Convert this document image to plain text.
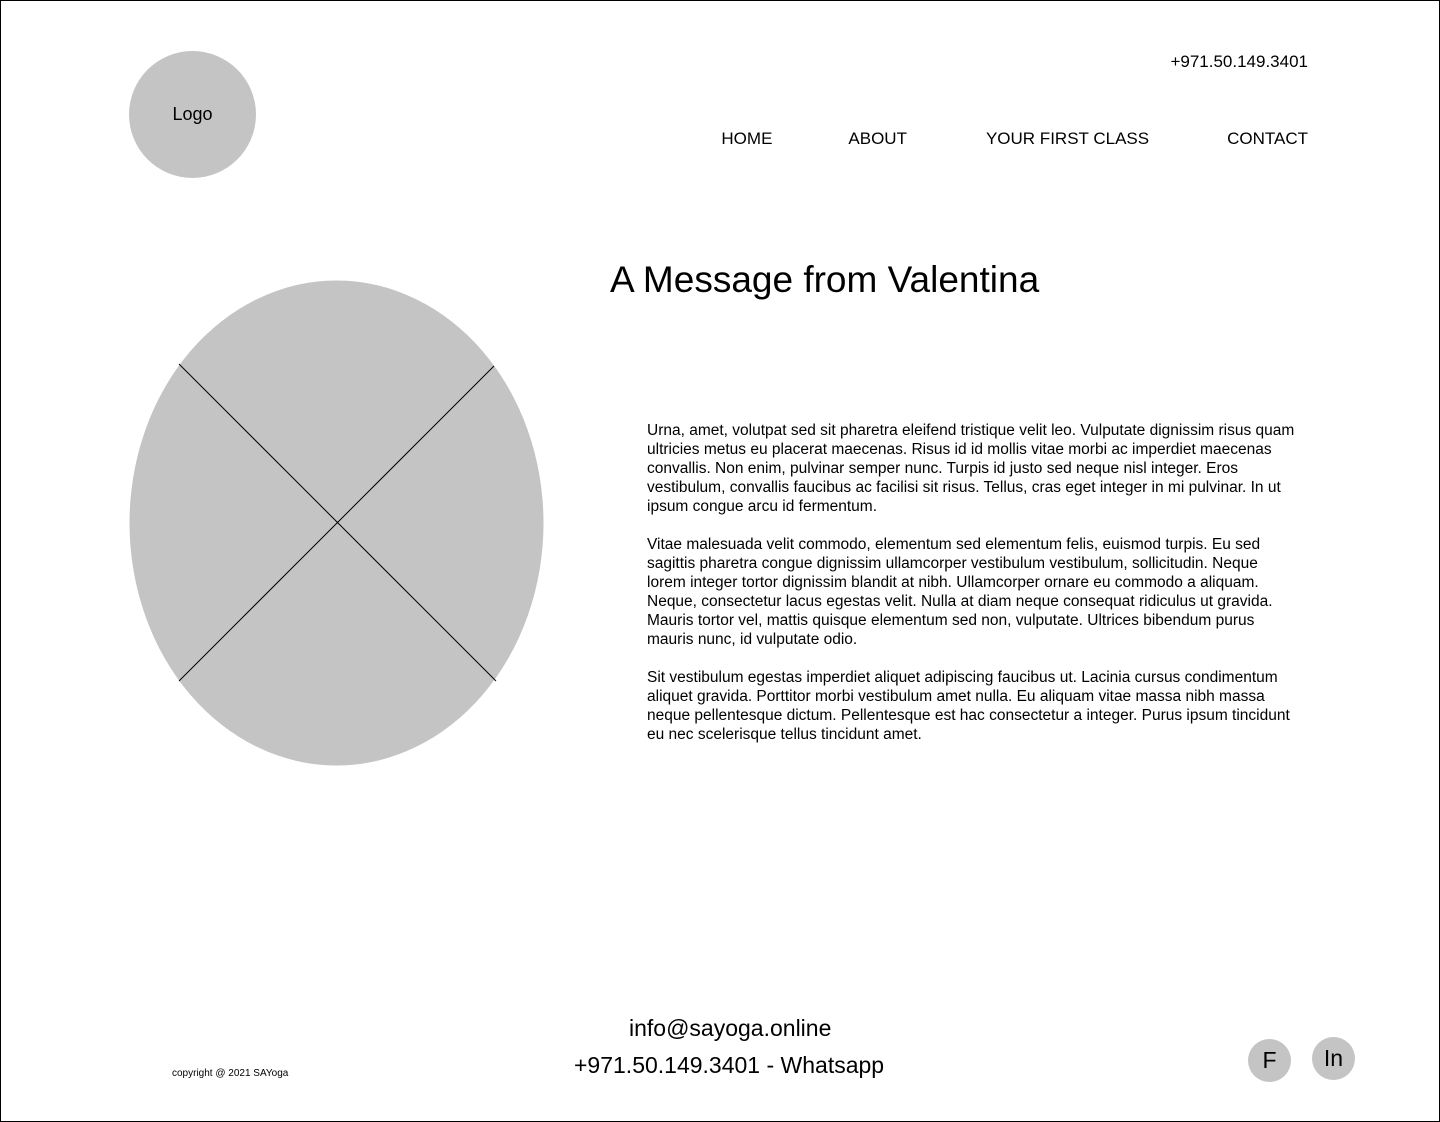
Logo
+971.50.149.3401
HOME	ABOUT	YOUR FIRST CLASS	CONTACT
A Message from Valentina

Urna, amet, volutpat sed sit pharetra eleifend tristique velit leo. Vulputate dignissim risus quam ultricies metus eu placerat maecenas. Risus id id mollis vitae morbi ac imperdiet maecenas convallis. Non enim, pulvinar semper nunc. Turpis id justo sed neque nisl integer. Eros vestibulum, convallis faucibus ac facilisi sit risus. Tellus, cras eget integer in mi pulvinar. In ut ipsum congue arcu id fermentum.

Vitae malesuada velit commodo, elementum sed elementum felis, euismod turpis. Eu sed sagittis pharetra congue dignissim ullamcorper vestibulum vestibulum, sollicitudin. Neque lorem integer tortor dignissim blandit at nibh. Ullamcorper ornare eu commodo a aliquam. Neque, consectetur lacus egestas velit. Nulla at diam neque consequat ridiculus ut gravida. Mauris tortor vel, mattis quisque elementum sed non, vulputate. Ultrices bibendum purus mauris nunc, id vulputate odio.

Sit vestibulum egestas imperdiet aliquet adipiscing faucibus ut. Lacinia cursus condimentum aliquet gravida. Porttitor morbi vestibulum amet nulla. Eu aliquam vitae massa nibh massa neque pellentesque dictum. Pellentesque est hac consectetur a integer. Purus ipsum tincidunt eu nec scelerisque tellus tincidunt amet.

info@sayoga.online
+971.50.149.3401 - Whatsapp
copyright @ 2021 SAYoga
F In
